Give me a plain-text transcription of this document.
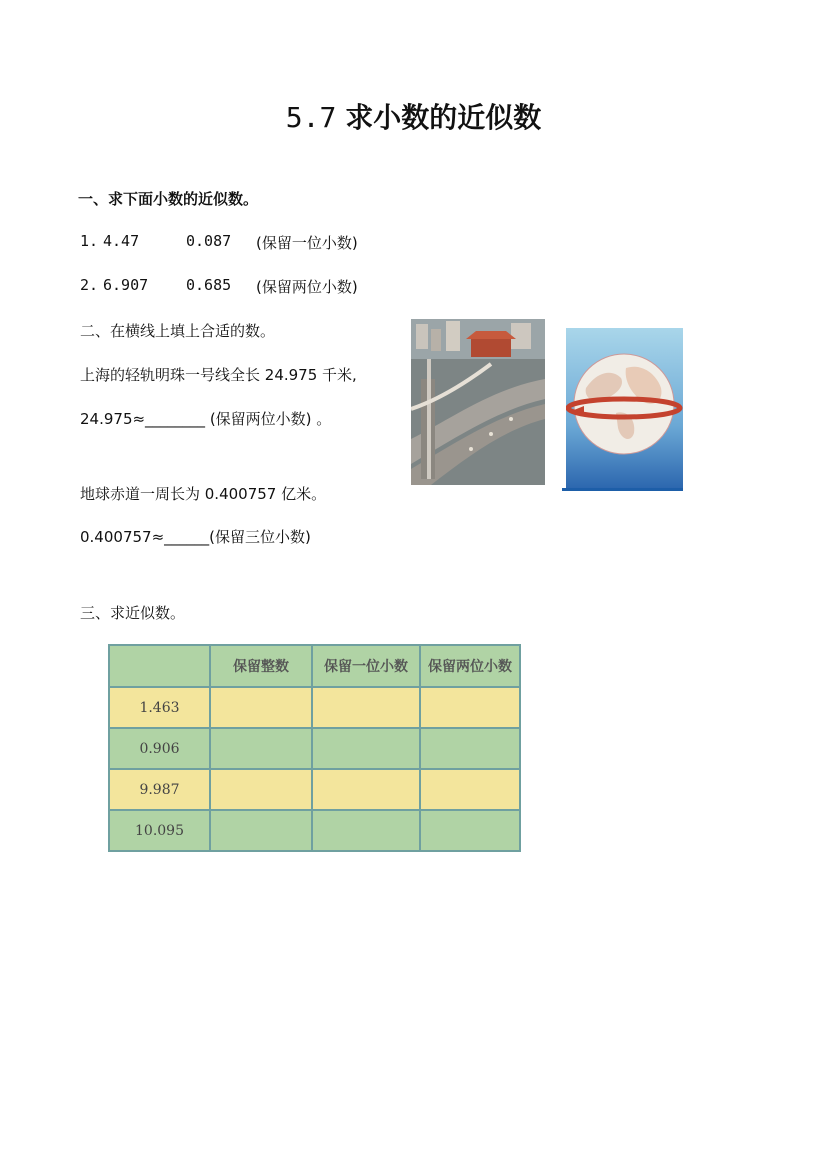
5.7 求小数的近似数
一、求下面小数的近似数。
1. 4.47	0.087 (保留一位小数)
2. 6.907	0.685 (保留两位小数)
二、在横线上填上合适的数。
上海的轻轨明珠一号线全长 24.975 千米,
24.975≈________ (保留两位小数) 。
地球赤道一周长为 0.400757 亿米。
0.400757≈______(保留三位小数)
三、求近似数。
	保留整数	保留一位小数	保留两位小数
1.463			
0.906			
9.987			
10.095			
